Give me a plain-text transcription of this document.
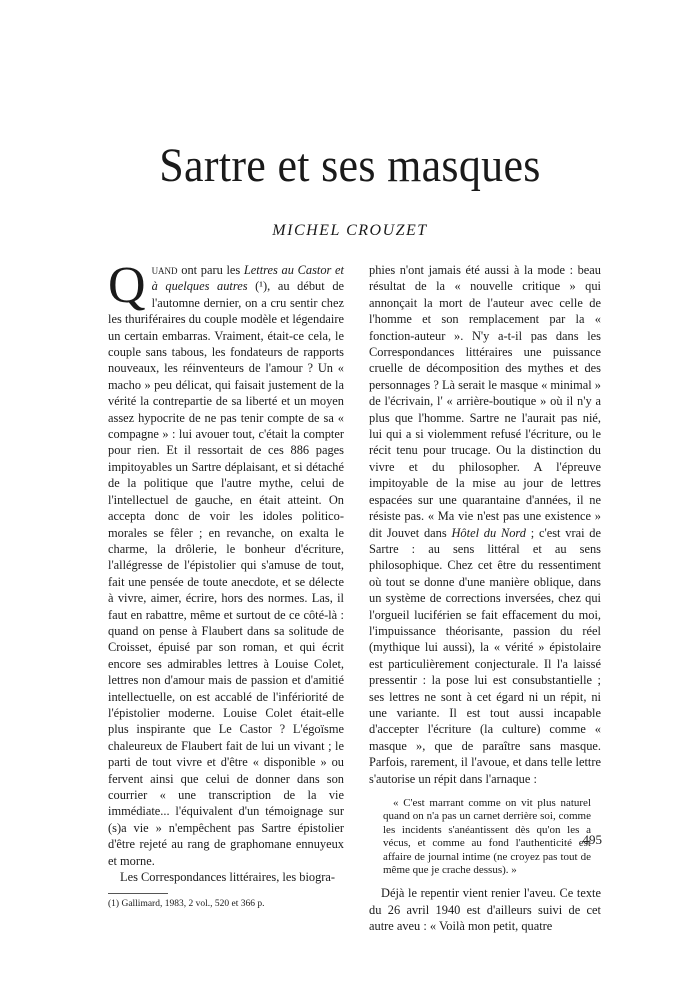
Sartre et ses masques
MICHEL CROUZET

Quand ont paru les Lettres au Castor et à quelques autres (¹), au début de l'automne dernier, on a cru sentir chez les thuriféraires du couple modèle et légendaire un certain embarras. Vraiment, était-ce cela, le couple sans tabous, les fondateurs de rapports nouveaux, les réinventeurs de l'amour ? Un « macho » peu délicat, qui faisait justement de la vérité la contrepartie de sa liberté et un moyen assez hypocrite de ne pas tenir compte de sa « compagne » : lui avouer tout, c'était la compter pour rien. Et il ressortait de ces 886 pages impitoyables un Sartre déplaisant, et si détaché de la politique que l'autre mythe, celui de l'intellectuel de gauche, en était atteint. On accepta donc de voir les idoles politico-morales se fêler ; en revanche, on exalta le charme, la drôlerie, le bonheur d'écriture, l'allégresse de l'épistolier qui s'amuse de tout, fait une pensée de toute anecdote, et se délecte à vivre, aimer, écrire, hors des normes. Las, il faut en rabattre, même et surtout de ce côté-là : quand on pense à Flaubert dans sa solitude de Croisset, épuisé par son roman, et qui écrit encore ses admirables lettres à Louise Colet, lettres non d'amour mais de passion et d'amitié intellectuelle, on est accablé de l'infériorité de l'épistolier moderne. Louise Colet était-elle plus inspirante que Le Castor ? L'égoïsme chaleureux de Flaubert fait de lui un vivant ; le parti de tout vivre et d'être « disponible » ou fervent ainsi que celui de donner dans son courrier « une transcription de la vie immédiate... l'équivalent d'un témoignage sur (s)a vie » n'empêchent pas Sartre épistolier d'être rejeté au rang de graphomane ennuyeux et morne.

Les Correspondances littéraires, les biogra-

(1) Gallimard, 1983, 2 vol., 520 et 366 p.

phies n'ont jamais été aussi à la mode : beau résultat de la « nouvelle critique » qui annonçait la mort de l'auteur avec celle de l'homme et son remplacement par la « fonction-auteur ». N'y a-t-il pas dans les Correspondances littéraires une puissance cruelle de décomposition des mythes et des personnages ? Là serait le masque « minimal » de l'écrivain, l' « arrière-boutique » où il n'y a plus que l'homme. Sartre ne l'aurait pas nié, lui qui a si violemment refusé l'écriture, ou le récit tenu pour trucage. Ou la distinction du vivre et du philosopher. A l'épreuve impitoyable de la mise au jour de lettres espacées sur une quarantaine d'années, il ne résiste pas. « Ma vie n'est pas une existence » dit Jouvet dans Hôtel du Nord ; c'est vrai de Sartre : au sens littéral et au sens philosophique. Chez cet être du ressentiment où tout se donne d'une manière oblique, dans un système de corrections inversées, chez qui l'orgueil luciférien se fait effacement du moi, l'impuissance théorisante, passion du réel (mythique lui aussi), la « vérité » épistolaire est particulièrement conjecturale. Il l'a laissé pressentir : la pose lui est consubstantielle ; ses lettres ne sont à cet égard ni un répit, ni une variante. Il est tout aussi incapable d'accepter l'écriture (la culture) comme « masque », que de paraître sans masque. Parfois, rarement, il l'avoue, et dans telle lettre s'autorise un répit dans l'arnaque :

« C'est marrant comme on vit plus naturel quand on n'a pas un carnet derrière soi, comme les incidents s'anéantissent dès qu'on les a vécus, et comme au fond l'authenticité est affaire de journal intime (ne croyez pas tout de même que je crache dessus). »

Déjà le repentir vient renier l'aveu. Ce texte du 26 avril 1940 est d'ailleurs suivi de cet autre aveu : « Voilà mon petit, quatre

495
